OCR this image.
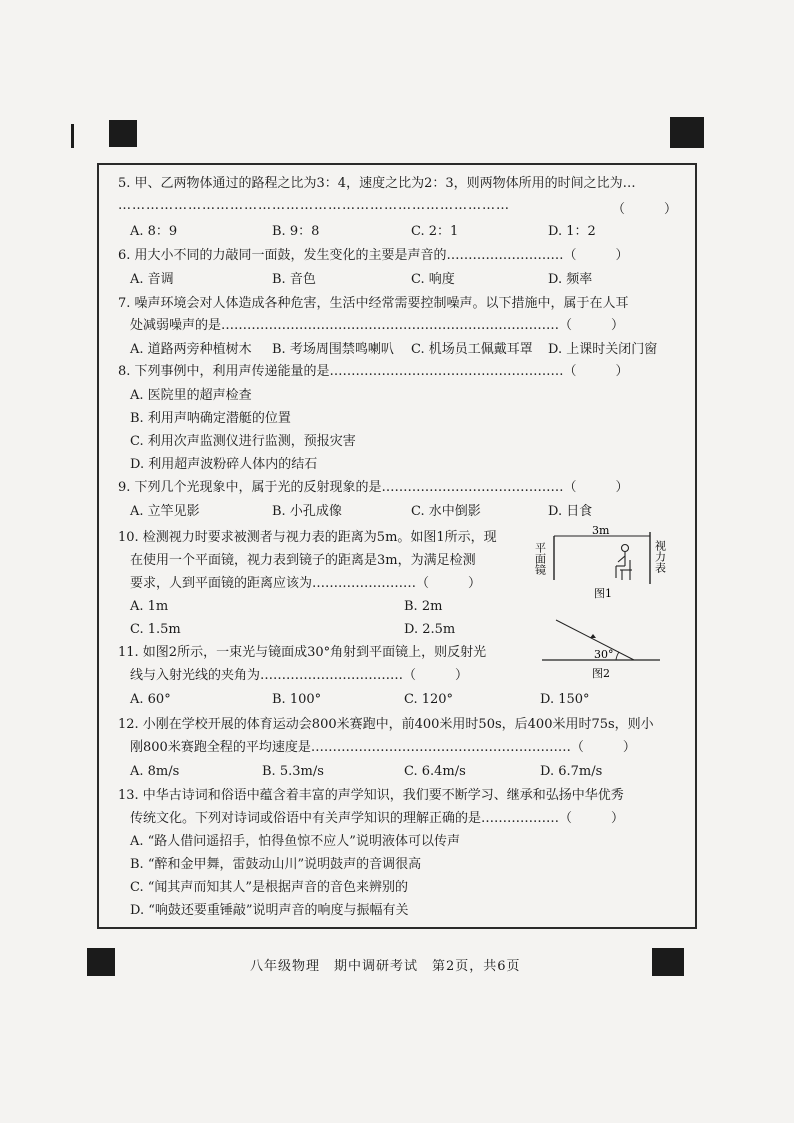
5. 甲、乙两物体通过的路程之比为3：4，速度之比为2：3，则两物体所用的时间之比为…
…………………………………………………………………………	（　　　）
A. 8：9	B. 9：8	C. 2：1	D. 1：2
6. 用大小不同的力敲同一面鼓，发生变化的主要是声音的………………………（　　　）
A. 音调	B. 音色	C. 响度	D. 频率
7. 噪声环境会对人体造成各种危害，生活中经常需要控制噪声。以下措施中，属于在人耳
处减弱噪声的是……………………………………………………………………（　　　）
A. 道路两旁种植树木 B. 考场周围禁鸣喇叭 C. 机场员工佩戴耳罩 D. 上课时关闭门窗
8. 下列事例中，利用声传递能量的是………………………………………………（　　　）
A. 医院里的超声检查
B. 利用声呐确定潜艇的位置
C. 利用次声监测仪进行监测，预报灾害
D. 利用超声波粉碎人体内的结石
9. 下列几个光现象中，属于光的反射现象的是……………………………………（　　　）
A. 立竿见影	B. 小孔成像	C. 水中倒影	D. 日食
10. 检测视力时要求被测者与视力表的距离为5m。如图1所示，现
在使用一个平面镜，视力表到镜子的距离是3m，为满足检测
要求，人到平面镜的距离应该为……………………（　　　）
A. 1m	B. 2m
C. 1.5m	D. 2.5m
3m
平面镜	视力表
图1
11. 如图2所示，一束光与镜面成30°角射到平面镜上，则反射光
线与入射光线的夹角为……………………………（　　　）
A. 60°	B. 100°	C. 120°	D. 150°
30°
图2
12. 小刚在学校开展的体育运动会800米赛跑中，前400米用时50s，后400米用时75s，则小
刚800米赛跑全程的平均速度是……………………………………………………（　　　）
A. 8m/s	B. 5.3m/s	C. 6.4m/s	D. 6.7m/s
13. 中华古诗词和俗语中蕴含着丰富的声学知识，我们要不断学习、继承和弘扬中华优秀
传统文化。下列对诗词或俗语中有关声学知识的理解正确的是………………（　　　）
A. “路人借问遥招手，怕得鱼惊不应人”说明液体可以传声
B. “醉和金甲舞，雷鼓动山川”说明鼓声的音调很高
C. “闻其声而知其人”是根据声音的音色来辨别的
D. “响鼓还要重锤敲”说明声音的响度与振幅有关
八年级物理　期中调研考试　第2页，共6页
